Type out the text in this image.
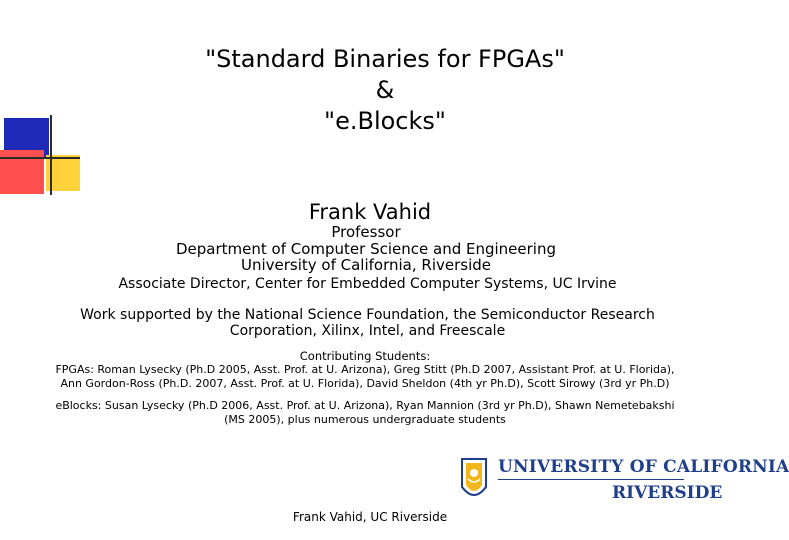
"Standard Binaries for FPGAs"
&
"e.Blocks"
Frank Vahid
Professor
Department of Computer Science and Engineering
University of California, Riverside
Associate Director, Center for Embedded Computer Systems, UC Irvine
Work supported by the National Science Foundation, the Semiconductor Research
Corporation, Xilinx, Intel, and Freescale
Contributing Students:
FPGAs: Roman Lysecky (Ph.D 2005, Asst. Prof. at U. Arizona), Greg Stitt (Ph.D 2007, Assistant Prof. at U. Florida),
Ann Gordon-Ross (Ph.D. 2007, Asst. Prof. at U. Florida), David Sheldon (4th yr Ph.D), Scott Sirowy (3rd yr Ph.D)
eBlocks: Susan Lysecky (Ph.D 2006, Asst. Prof. at U. Arizona), Ryan Mannion (3rd yr Ph.D), Shawn Nemetebakshi
(MS 2005), plus numerous undergraduate students
UNIVERSITY OF CALIFORNIA
RIVERSIDE
Frank Vahid, UC Riverside
